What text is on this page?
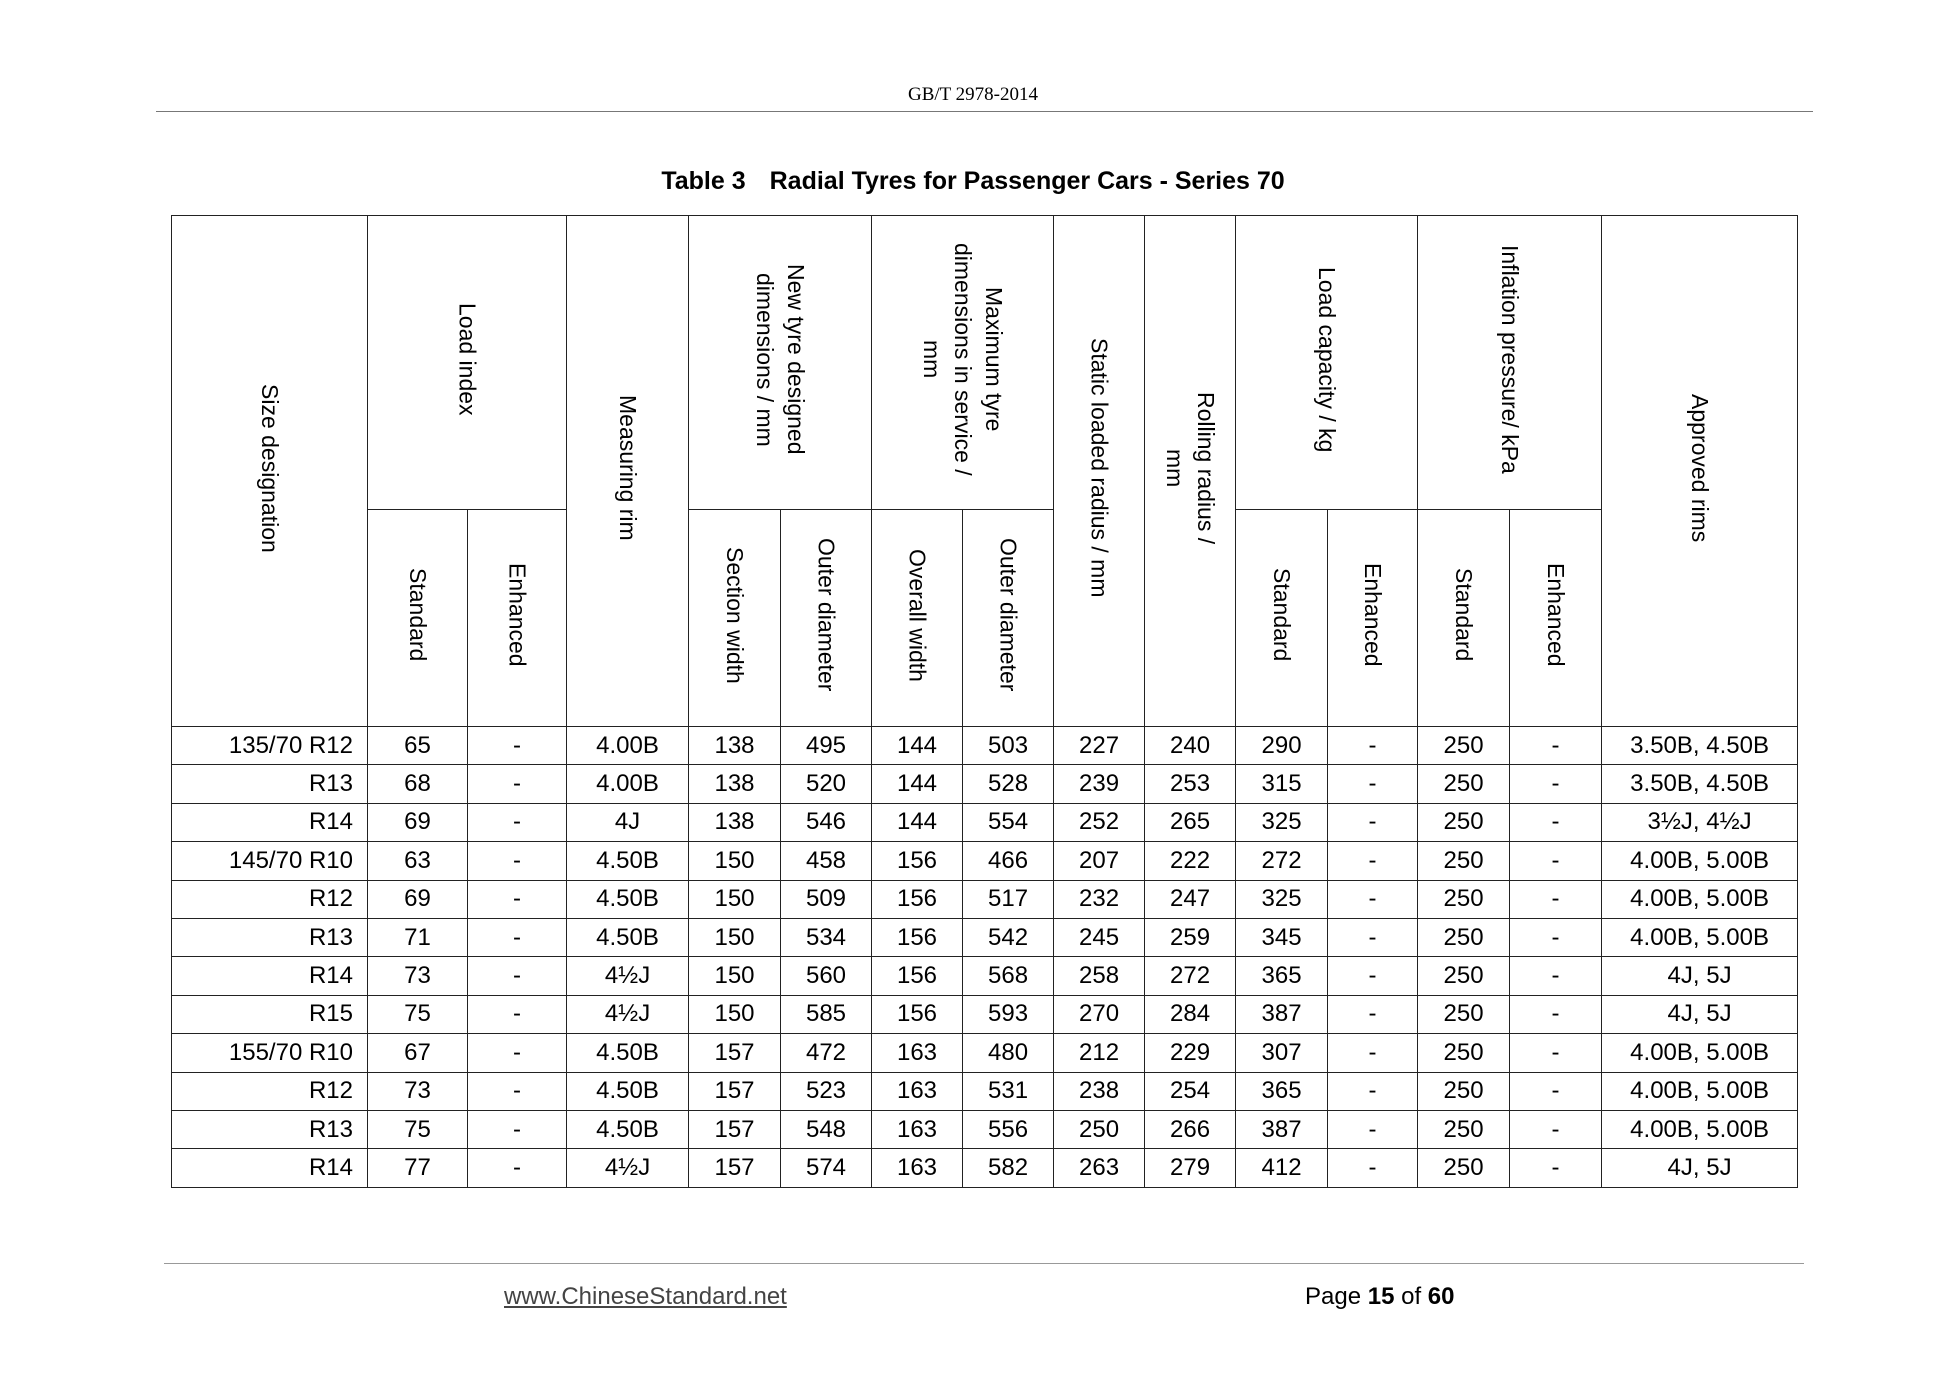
GB/T 2978-2014
Table 3 Radial Tyres for Passenger Cars - Series 70
Size designation	Load index		Measuring rim	New tyre designed
dimensions / mm		Maximum tyre
dimensions in service /
mm		Static loaded radius / mm	Rolling radius /
mm	Load capacity / kg		Inflation pressure/ kPa		Approved rims
	Standard	Enhanced		Section width	Outer diameter	Overall width	Outer diameter			Standard	Enhanced	Standard	Enhanced	
135/70 R12	65	-	4.00B	138	495	144	503	227	240	290	-	250	-	3.50B, 4.50B
R13	68	-	4.00B	138	520	144	528	239	253	315	-	250	-	3.50B, 4.50B
R14	69	-	4J	138	546	144	554	252	265	325	-	250	-	3½J, 4½J
145/70 R10	63	-	4.50B	150	458	156	466	207	222	272	-	250	-	4.00B, 5.00B
R12	69	-	4.50B	150	509	156	517	232	247	325	-	250	-	4.00B, 5.00B
R13	71	-	4.50B	150	534	156	542	245	259	345	-	250	-	4.00B, 5.00B
R14	73	-	4½J	150	560	156	568	258	272	365	-	250	-	4J, 5J
R15	75	-	4½J	150	585	156	593	270	284	387	-	250	-	4J, 5J
155/70 R10	67	-	4.50B	157	472	163	480	212	229	307	-	250	-	4.00B, 5.00B
R12	73	-	4.50B	157	523	163	531	238	254	365	-	250	-	4.00B, 5.00B
R13	75	-	4.50B	157	548	163	556	250	266	387	-	250	-	4.00B, 5.00B
R14	77	-	4½J	157	574	163	582	263	279	412	-	250	-	4J, 5J
www.ChineseStandard.net	Page 15 of 60
